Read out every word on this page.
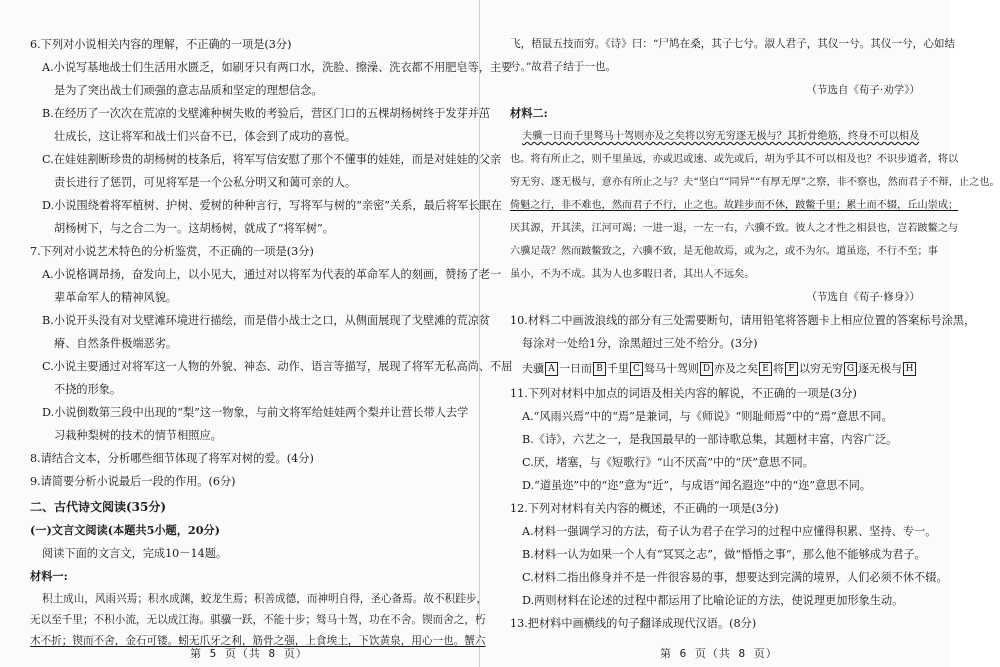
6.下列对小说相关内容的理解，不正确的一项是(3分)

A.小说写基地战士们生活用水匮乏，如刷牙只有两口水，洗脸、擦澡、洗衣都不用肥皂等，主要

是为了突出战士们顽强的意志品质和坚定的理想信念。

B.在经历了一次次在荒凉的戈壁滩种树失败的考验后，营区门口的五棵胡杨树终于发芽并茁

壮成长，这让将军和战士们兴奋不已，体会到了成功的喜悦。

C.在娃娃割断珍贵的胡杨树的枝条后，将军写信安慰了那个不懂事的娃娃，而是对娃娃的父亲

责长进行了惩罚，可见将军是一个公私分明又和蔼可亲的人。

D.小说围绕着将军植树、护树、爱树的种种言行，写将军与树的“亲密”关系，最后将军长眠在

胡杨树下，与之合二为一。这胡杨树，就成了“将军树”。

7.下列对小说艺术特色的分析鉴赏，不正确的一项是(3分)

A.小说格调昂扬，奋发向上，以小见大，通过对以将军为代表的革命军人的刻画，赞扬了老一

辈革命军人的精神风貌。

B.小说开头没有对戈壁滩环境进行描绘，而是借小战士之口，从侧面展现了戈壁滩的荒凉贫

瘠、自然条件极端恶劣。

C.小说主要通过对将军这一人物的外貌、神态、动作、语言等描写，展现了将军无私高尚、不屈

不挠的形象。

D.小说倒数第三段中出现的“梨”这一物象，与前文将军给娃娃两个梨并让营长带人去学

习栽种梨树的技术的情节相照应。

8.请结合文本，分析哪些细节体现了将军对树的爱。(4分)

9.请简要分析小说最后一段的作用。(6分)

二、古代诗文阅读(35分)

(一)文言文阅读(本题共5小题，20分)

阅读下面的文言文，完成10－14题。

材料一:

积土成山，风雨兴焉；积水成渊，蛟龙生焉；积善成德，而神明自得，圣心备焉。故不积跬步，

无以至千里；不积小流，无以成江海。骐骥一跃，不能十步；驽马十驾，功在不舍。锲而舍之，朽

木不折；锲而不舍，金石可镂。蚓无爪牙之利，筋骨之强，上食埃土，下饮黄泉，用心一也。蟹六

第 5 页（共 8 页）

飞，梧鼠五技而穷。《诗》曰：“尸鸠在桑，其子七兮。淑人君子，其仪一兮。其仪一兮，心如结

兮。”故君子结于一也。

（节选自《荀子·劝学》）

材料二:

夫骥一日而千里驽马十驾则亦及之矣将以穷无穷逐无极与？其折骨绝筋，终身不可以相及

也。将有所止之，则千里虽远，亦或迟或速、或先或后，胡为乎其不可以相及也？不识步道者，将以

穷无穷、逐无极与，意亦有所止之与？夫“坚白”“同异”“有厚无厚”之察，非不察也，然而君子不辩，止之也。

倚魁之行，非不难也，然而君子不行，止之也。故跬步而不休，跛鳖千里；累土而不辍，丘山崇成；

厌其源，开其渎，江河可竭；一进一退，一左一右，六骥不致。彼人之才性之相县也，岂若跛鳖之与

六骥足哉？然而跛鳖致之，六骥不致，是无他故焉，或为之，或不为尔。道虽迩，不行不至；事

虽小，不为不成。其为人也多暇日者，其出人不远矣。

（节选自《荀子·修身》）

10.材料二中画波浪线的部分有三处需要断句，请用铅笔将答题卡上相应位置的答案标号涂黑，

每涂对一处给1分，涂黑超过三处不给分。(3分)

夫骥 A 一日而 B 千里 C 驽马十驾则 D 亦及之矣 E 将 F 以穷无穷 G 逐无极与 H

11.下列对材料中加点的词语及相关内容的解说，不正确的一项是(3分)

A.“风雨兴焉”中的“焉”是兼词，与《师说》“则耻师焉”中的“焉”意思不同。

B.《诗》，六艺之一，是我国最早的一部诗歌总集，其题材丰富，内容广泛。

C.厌，堵塞，与《短歌行》“山不厌高”中的“厌”意思不同。

D.“道虽迩”中的“迩”意为“近”，与成语“闻名遐迩”中的“迩”意思不同。

12.下列对材料有关内容的概述，不正确的一项是(3分)

A.材料一强调学习的方法，荀子认为君子在学习的过程中应懂得积累、坚持、专一。

B.材料一认为如果一个人有“冥冥之志”，做“惛惛之事”，那么他不能够成为君子。

C.材料二指出修身并不是一件很容易的事，想要达到完满的境界，人们必须不休不辍。

D.两则材料在论述的过程中都运用了比喻论证的方法，使说理更加形象生动。

13.把材料中画横线的句子翻译成现代汉语。(8分)

第 6 页（共 8 页）
